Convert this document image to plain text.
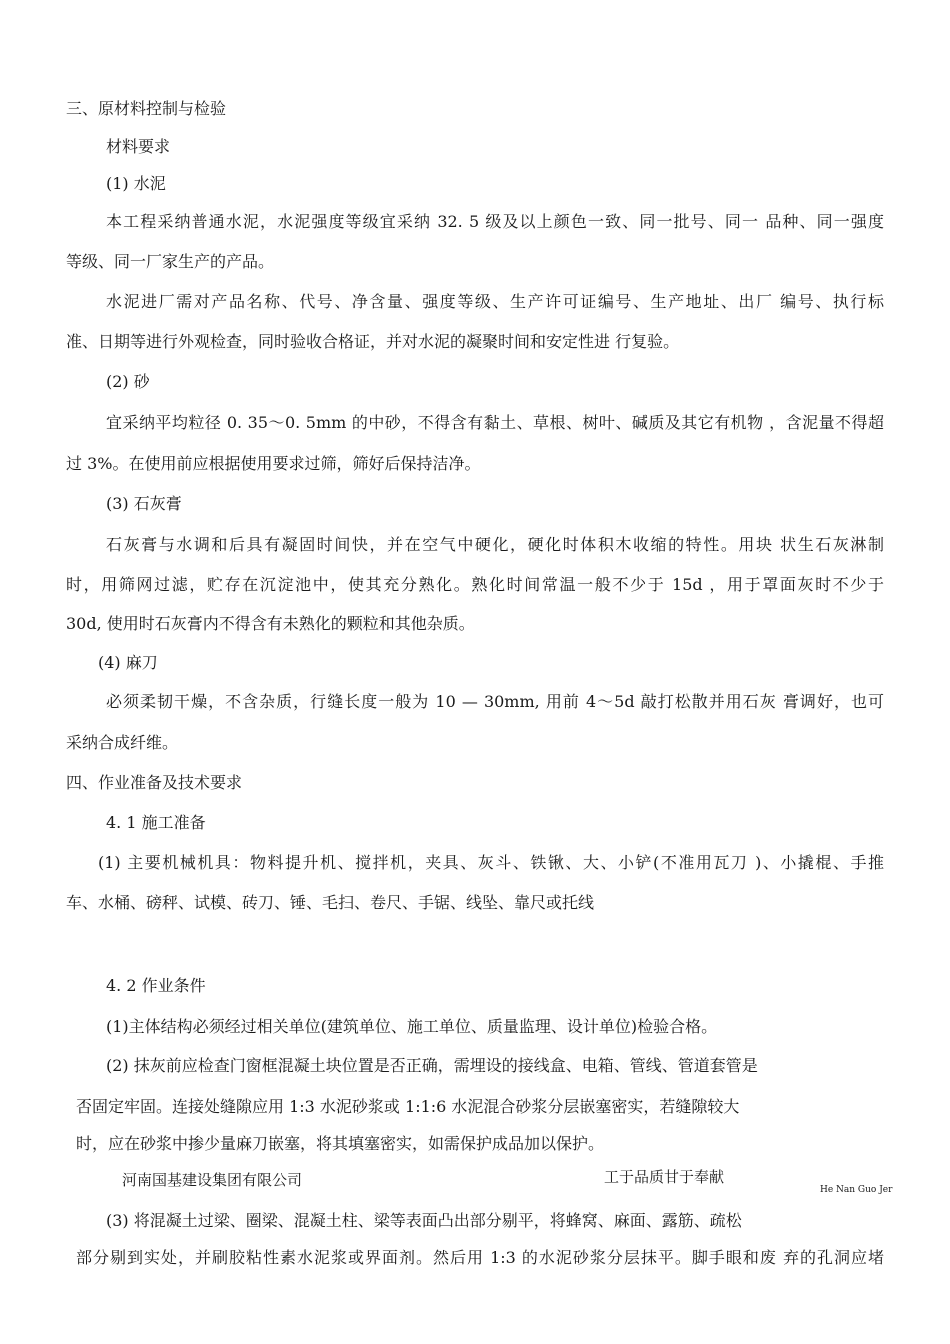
三、原材料控制与检验
材料要求
(1) 水泥
本工程采纳普通水泥，水泥强度等级宜采纳 32. 5 级及以上颜色一致、同一批号、同一 品种、同一强度
等级、同一厂家生产的产品。
水泥进厂需对产品名称、代号、净含量、强度等级、生产许可证编号、生产地址、出厂 编号、执行标
准、日期等进行外观检查，同时验收合格证，并对水泥的凝聚时间和安定性进 行复验。
(2) 砂
宜采纳平均粒径 0. 35〜0. 5mm 的中砂，不得含有黏土、草根、树叶、碱质及其它有机物 ，含泥量不得超
过 3%。在使用前应根据使用要求过筛，筛好后保持洁净。
(3) 石灰膏
石灰膏与水调和后具有凝固时间快，并在空气中硬化，硬化时体积木收缩的特性。用块 状生石灰淋制
时，用筛网过滤，贮存在沉淀池中，使其充分熟化。熟化时间常温一般不少于 15d ，用于罩面灰时不少于
30d, 使用时石灰膏内不得含有未熟化的颗粒和其他杂质。
(4) 麻刀
必须柔韧干燥，不含杂质，行缝长度一般为 10 — 30mm, 用前 4〜5d 敲打松散并用石灰 膏调好，也可
采纳合成纤维。
四、作业准备及技术要求
4. 1 施工准备
(1) 主要机械机具：物料提升机、搅拌机，夹具、灰斗、铁锹、大、小铲(不准用瓦刀 )、小撬棍、手推
车、水桶、磅秤、试模、砖刀、锤、毛扫、卷尺、手锯、线坠、靠尺或托线
4. 2 作业条件
(1)主体结构必须经过相关单位(建筑单位、施工单位、质量监理、设计单位)检验合格。
(2) 抹灰前应检查门窗框混凝土块位置是否正确，需埋设的接线盒、电箱、管线、管道套管是
否固定牢固。连接处缝隙应用 1:3 水泥砂浆或 1:1:6 水泥混合砂浆分层嵌塞密实，若缝隙较大
时，应在砂浆中掺少量麻刀嵌塞，将其填塞密实，如需保护成品加以保护。
河南国基建设集团有限公司	工于品质甘于奉献
He Nan Guo Jer
(3) 将混凝土过梁、圈梁、混凝土柱、梁等表面凸出部分剔平，将蜂窝、麻面、露筋、疏松
部分剔到实处，并刷胶粘性素水泥浆或界面剂。然后用 1:3 的水泥砂浆分层抹平。脚手眼和废 弃的孔洞应堵
